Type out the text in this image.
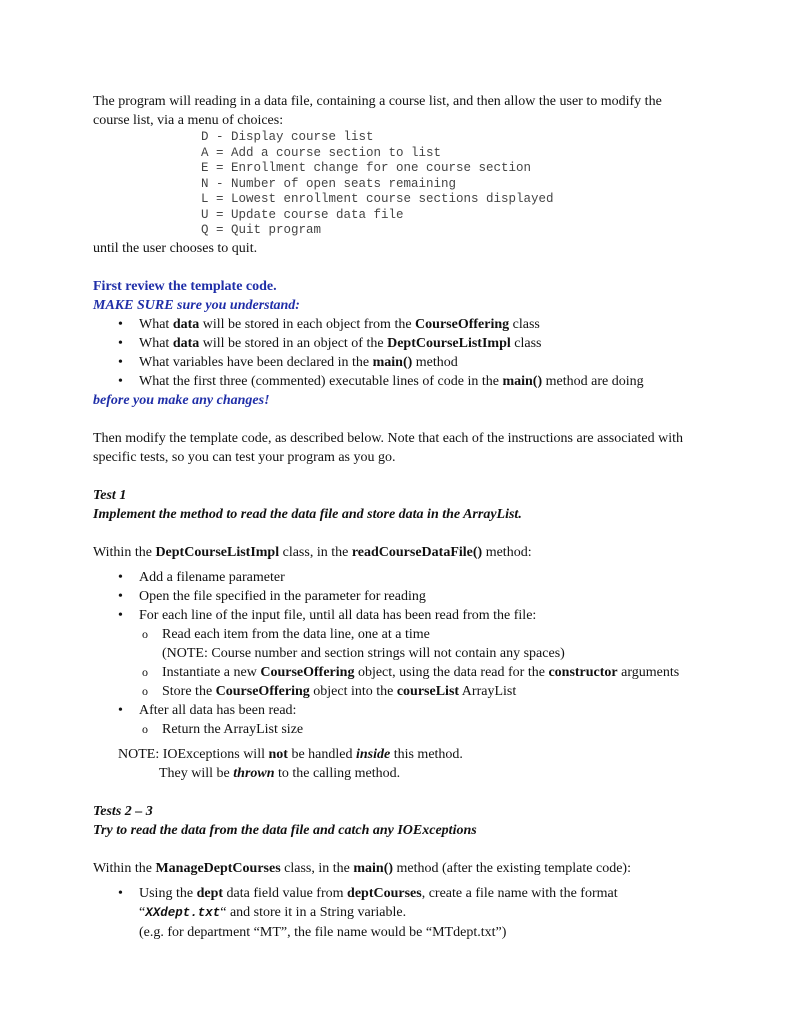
The program will reading in a data file, containing a course list, and then allow the user to modify the

course list, via a menu of choices:

D - Display course list
A = Add a course section to list
E = Enrollment change for one course section
N - Number of open seats remaining
L = Lowest enrollment course sections displayed
U = Update course data file
Q = Quit program

until the user chooses to quit.

First review the template code.

MAKE SURE sure you understand:

• What data will be stored in each object from the CourseOffering class
• What data will be stored in an object of the DeptCourseListImpl class
• What variables have been declared in the main() method
• What the first three (commented) executable lines of code in the main() method are doing

before you make any changes!

Then modify the template code, as described below. Note that each of the instructions are associated with

specific tests, so you can test your program as you go.

Test 1

Implement the method to read the data file and store data in the ArrayList.

Within the DeptCourseListImpl class, in the readCourseDataFile() method:

• Add a filename parameter
• Open the file specified in the parameter for reading
• For each line of the input file, until all data has been read from the file:
o Read each item from the data line, one at a time
(NOTE: Course number and section strings will not contain any spaces)
o Instantiate a new CourseOffering object, using the data read for the constructor arguments
o Store the CourseOffering object into the courseList ArrayList
• After all data has been read:
o Return the ArrayList size

NOTE: IOExceptions will not be handled inside this method.

They will be thrown to the calling method.

Tests 2 – 3

Try to read the data from the data file and catch any IOExceptions

Within the ManageDeptCourses class, in the main() method (after the existing template code):

• Using the dept data field value from deptCourses, create a file name with the format
“XXdept.txt“ and store it in a String variable.
(e.g. for department “MT”, the file name would be “MTdept.txt”)
